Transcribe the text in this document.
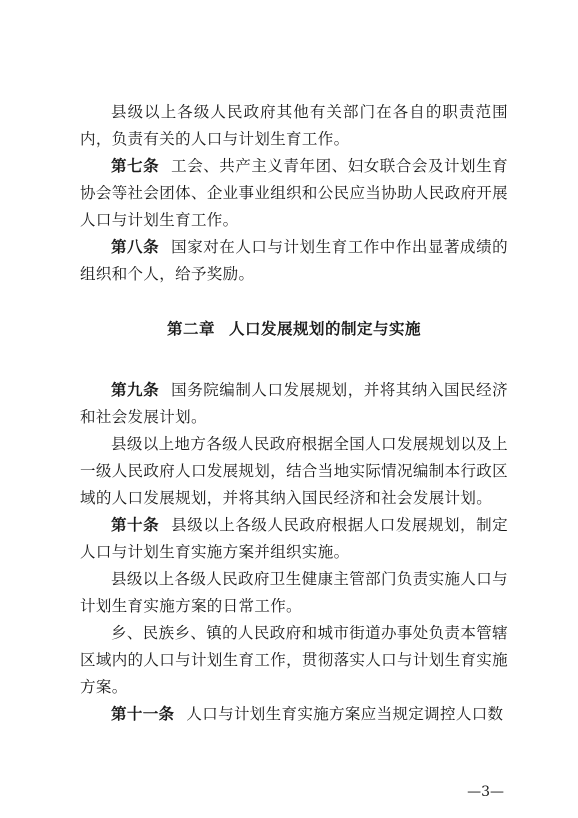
县级以上各级人民政府其他有关部门在各自的职责范围内，负责有关的人口与计划生育工作。

第七条 工会、共产主义青年团、妇女联合会及计划生育协会等社会团体、企业事业组织和公民应当协助人民政府开展人口与计划生育工作。

第八条 国家对在人口与计划生育工作中作出显著成绩的组织和个人，给予奖励。

第二章 人口发展规划的制定与实施

第九条 国务院编制人口发展规划，并将其纳入国民经济和社会发展计划。

县级以上地方各级人民政府根据全国人口发展规划以及上一级人民政府人口发展规划，结合当地实际情况编制本行政区域的人口发展规划，并将其纳入国民经济和社会发展计划。

第十条 县级以上各级人民政府根据人口发展规划，制定人口与计划生育实施方案并组织实施。

县级以上各级人民政府卫生健康主管部门负责实施人口与计划生育实施方案的日常工作。

乡、民族乡、镇的人民政府和城市街道办事处负责本管辖区域内的人口与计划生育工作，贯彻落实人口与计划生育实施方案。

第十一条 人口与计划生育实施方案应当规定调控人口数

—3—
